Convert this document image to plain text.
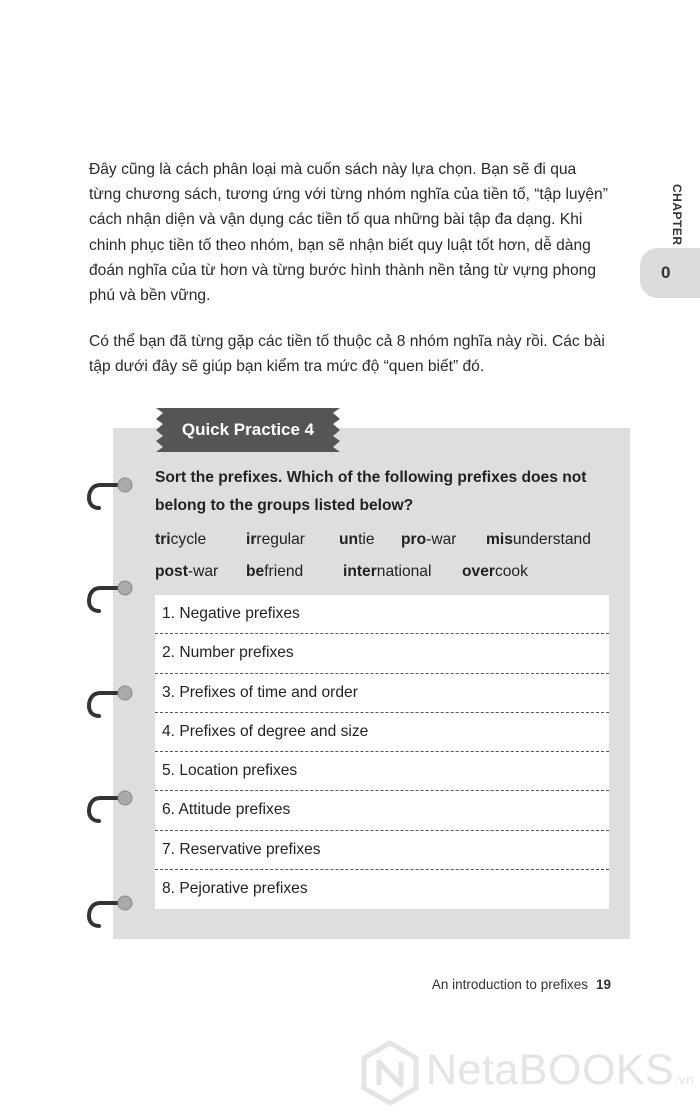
Đây cũng là cách phân loại mà cuốn sách này lựa chọn. Bạn sẽ đi qua từng chương sách, tương ứng với từng nhóm nghĩa của tiền tố, “tập luyện” cách nhận diện và vận dụng các tiền tố qua những bài tập đa dạng. Khi chinh phục tiền tố theo nhóm, bạn sẽ nhận biết quy luật tốt hơn, dễ dàng đoán nghĩa của từ hơn và từng bước hình thành nền tảng từ vựng phong phú và bền vững.

Có thể bạn đã từng gặp các tiền tố thuộc cả 8 nhóm nghĩa này rồi. Các bài tập dưới đây sẽ giúp bạn kiểm tra mức độ “quen biết” đó.

CHAPTER
0
Quick Practice 4
Sort the prefixes. Which of the following prefixes does not belong to the groups listed below?
tricycle	irregular untie pro-war misunderstand
post-war befriend	international overcook
1. Negative prefixes
2. Number prefixes
3. Prefixes of time and order
4. Prefixes of degree and size
5. Location prefixes
6. Attitude prefixes
7. Reservative prefixes
8. Pejorative prefixes
An introduction to prefixes 19
NetaBOOKS.vn
